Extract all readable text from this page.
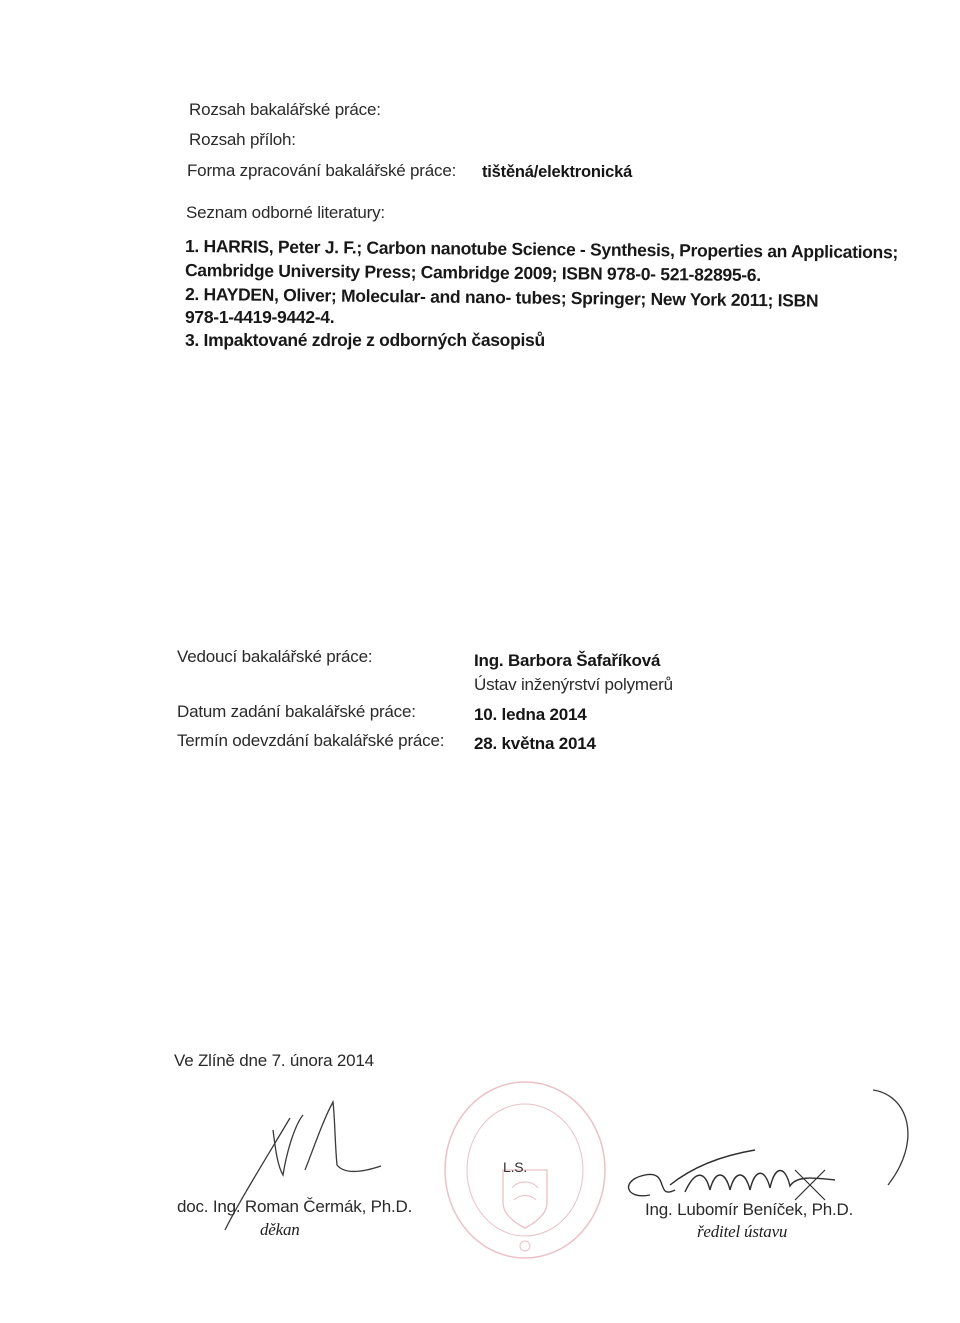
Rozsah bakalářské práce:
Rozsah příloh:
Forma zpracování bakalářské práce: tištěná/elektronická
Seznam odborné literatury:
1. HARRIS, Peter J. F.; Carbon nanotube Science - Synthesis, Properties an Applications;
Cambridge University Press; Cambridge 2009; ISBN 978-0- 521-82895-6.
2. HAYDEN, Oliver; Molecular- and nano- tubes; Springer; New York 2011; ISBN
978-1-4419-9442-4.
3. Impaktované zdroje z odborných časopisů
Vedoucí bakalářské práce:	Ing. Barbora Šafaříková
Ústav inženýrství polymerů
Datum zadání bakalářské práce:	10. ledna 2014
Termín odevzdání bakalářské práce: 28. května 2014
Ve Zlíně dne 7. února 2014
doc. Ing. Roman Čermák, Ph.D.
děkan
L.S.
Ing. Lubomír Beníček, Ph.D.
ředitel ústavu
